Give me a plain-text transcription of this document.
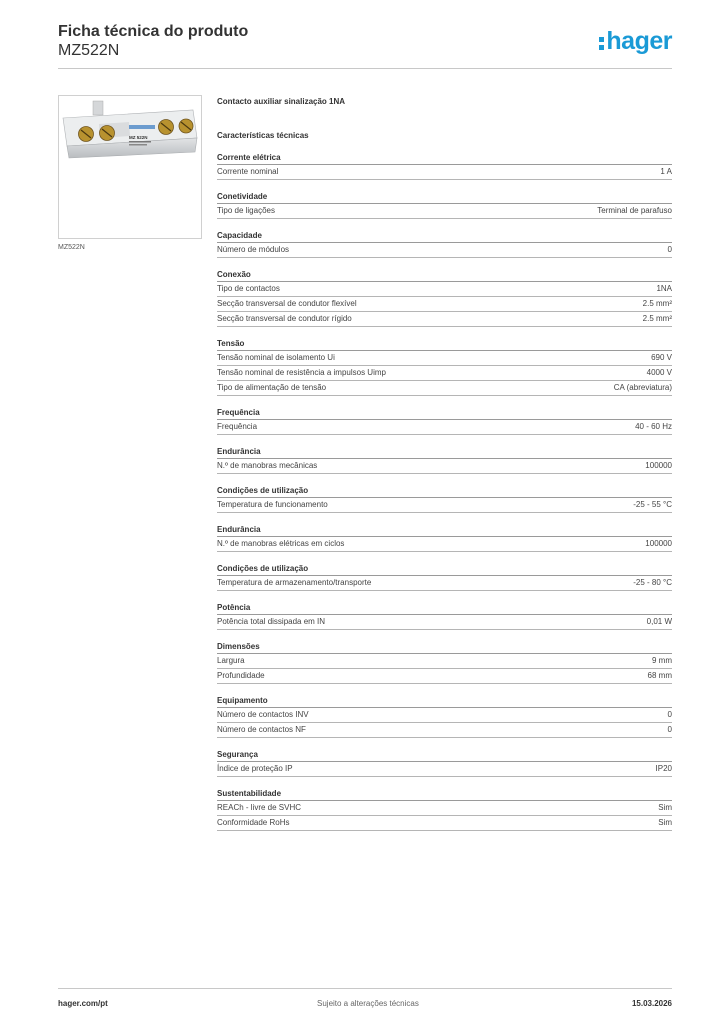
Ficha técnica do produto
MZ522N	hager
MZ 522N
MZ522N
Contacto auxiliar sinalização 1NA
Características técnicas
Corrente elétrica
Corrente nominal	1 A
Conetividade
Tipo de ligações	Terminal de parafuso
Capacidade
Número de módulos	0
Conexão
Tipo de contactos	1NA
Secção transversal de condutor flexível	2.5 mm²
Secção transversal de condutor rígido	2.5 mm²
Tensão
Tensão nominal de isolamento Ui	690 V
Tensão nominal de resistência a impulsos Uimp	4000 V
Tipo de alimentação de tensão	CA (abreviatura)
Frequência
Frequência	40 - 60 Hz
Endurância
N.º de manobras mecânicas	100000
Condições de utilização
Temperatura de funcionamento	-25 - 55 °C
Endurância
N.º de manobras elétricas em ciclos	100000
Condições de utilização
Temperatura de armazenamento/transporte	-25 - 80 °C
Potência
Potência total dissipada em IN	0,01 W
Dimensões
Largura	9 mm
Profundidade	68 mm
Equipamento
Número de contactos INV	0
Número de contactos NF	0
Segurança
Índice de proteção IP	IP20
Sustentabilidade
REACh - livre de SVHC	Sim
Conformidade RoHs	Sim
hager.com/pt	Sujeito a alterações técnicas	15.03.2026
